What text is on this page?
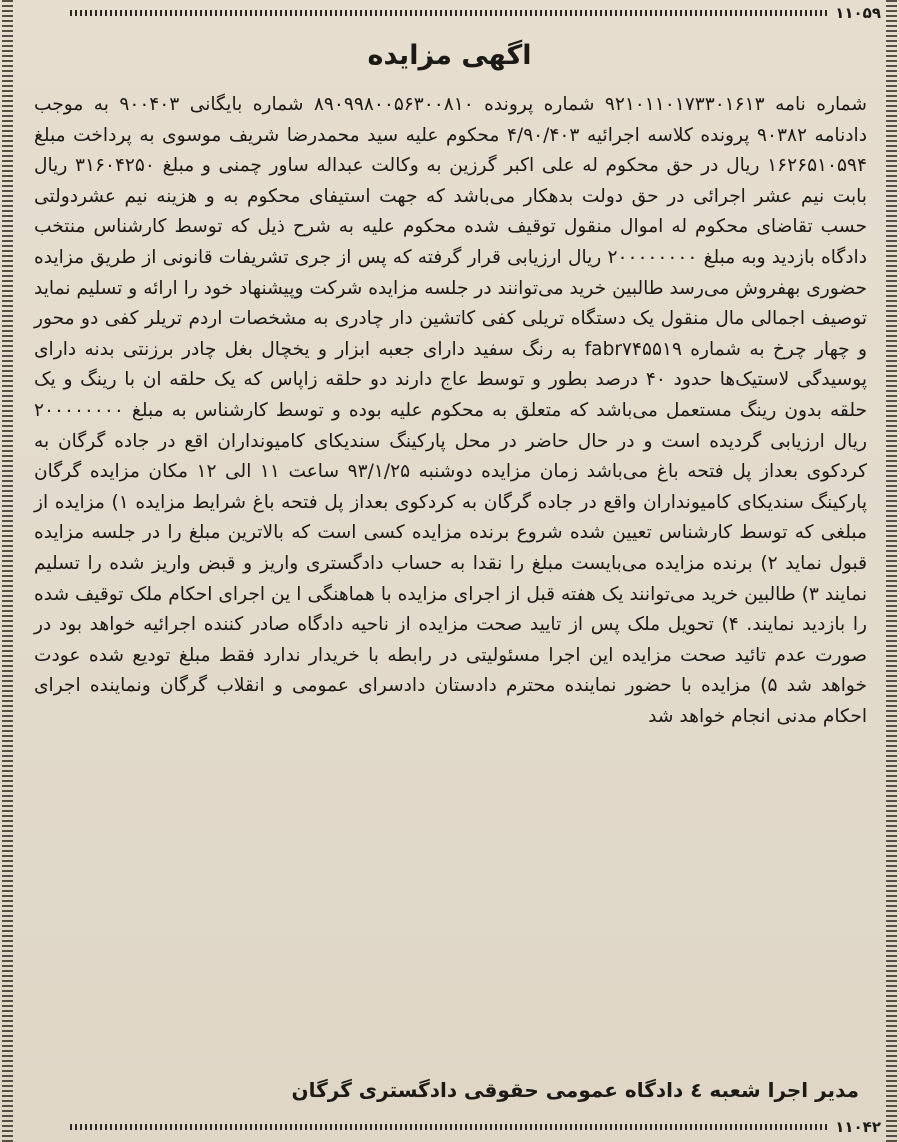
۱۱۰۵۹
اگهی مزایده

شماره نامه ۹۲۱۰۱۱۰۱۷۳۳۰۱۶۱۳ شماره پرونده ۸۹۰۹۹۸۰۰۵۶۳۰۰۸۱۰ شماره بایگانی ۹۰۰۴۰۳ به موجب دادنامه ۹۰۳۸۲ پرونده کلاسه اجرائیه ۴/۹۰/۴۰۳ محکوم علیه سید محمدرضا شریف موسوی به پرداخت مبلغ ۱۶۲۶۵۱۰۵۹۴ ریال در حق محکوم له علی اکبر گرزین به وکالت عبداله ساور چمنی و مبلغ ۳۱۶۰۴۲۵۰ ریال بابت نیم عشر اجرائی در حق دولت بدهکار می‌باشد که جهت استیفای محکوم به و هزینه نیم عشردولتی حسب تقاضای محکوم له اموال منقول توقیف شده محکوم علیه به شرح ذیل که توسط کارشناس منتخب دادگاه بازدید وبه مبلغ ۲۰۰۰۰۰۰۰۰ ریال ارزیابی قرار گرفته که پس از جری تشریفات قانونی از طریق مزایده حضوری بهفروش می‌رسد طالبین خرید می‌توانند در جلسه مزایده شرکت وپیشنهاد خود را ارائه و تسلیم نماید توصیف اجمالی مال منقول یک دستگاه تریلی کفی کاتشین دار چادری به مشخصات اردم تریلر کفی دو محور و چهار چرخ به شماره fabr۷۴۵۵۱۹ به رنگ سفید دارای جعبه ابزار و یخچال بغل چادر برزنتی بدنه دارای پوسیدگی لاستیک‌ها حدود ۴۰ درصد بطور و توسط عاج دارند دو حلقه زاپاس که یک حلقه ان با رینگ و یک حلقه بدون رینگ مستعمل می‌باشد که متعلق به محکوم علیه بوده و توسط کارشناس به مبلغ ۲۰۰۰۰۰۰۰۰ ریال ارزیابی گردیده است و در حال حاضر در محل پارکینگ سندیکای کامیونداران اقع در جاده گرگان به کردکوی بعداز پل فتحه باغ می‌باشد زمان مزایده دوشنبه ۹۳/۱/۲۵ ساعت ۱۱ الی ۱۲ مکان مزایده گرگان پارکینگ سندیکای کامیونداران واقع در جاده گرگان به کردکوی بعداز پل فتحه باغ شرایط مزایده ۱) مزایده از مبلغی که توسط کارشناس تعیین شده شروع برنده مزایده کسی است که بالاترین مبلغ را در جلسه مزایده قبول نماید ۲) برنده مزایده می‌بایست مبلغ را نقدا به حساب دادگستری واریز و قبض واریز شده را تسلیم نمایند ۳) طالبین خرید می‌توانند یک هفته قبل از اجرای مزایده با هماهنگی ا ین اجرای احکام ملک توقیف شده را بازدید نمایند. ۴) تحویل ملک پس از تایید صحت مزایده از ناحیه دادگاه صادر کننده اجرائیه خواهد بود در صورت عدم تائید صحت مزایده این اجرا مسئولیتی در رابطه با خریدار ندارد فقط مبلغ تودیع شده عودت خواهد شد ۵) مزایده با حضور نماینده محترم دادستان دادسرای عمومی و انقلاب گرگان ونماینده اجرای احکام مدنی انجام خواهد شد

مدیر اجرا شعبه ٤ دادگاه عمومی حقوقی دادگستری گرگان

۱۱۰۴۲
